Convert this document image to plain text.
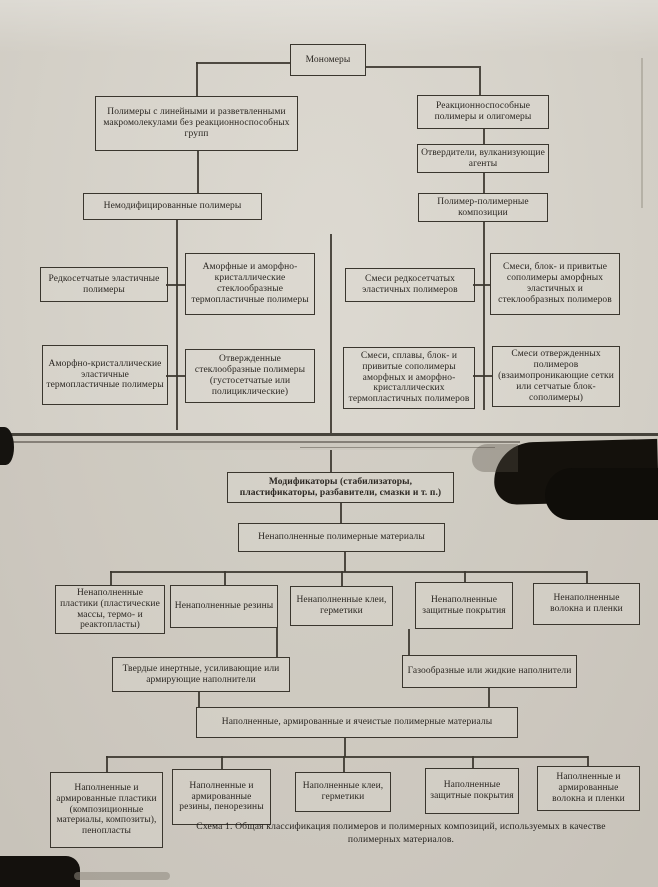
Мономеры
Полимеры с линейными и разветвленными макромолекулами без реакционноспособных групп
Реакционноспособные полимеры и олигомеры
Отвердители, вулканизующие агенты
Немодифицированные полимеры	Полимер-полимерные композиции
Редкосетчатые эластичные полимеры
Аморфные и аморфно-кристаллические стеклообразные термопластичные полимеры
Смеси редкосетчатых эластичных полимеров
Смеси, блок- и привитые сополимеры аморфных эластичных и стеклообразных полимеров
Аморфно-кристаллические эластичные термопластичные полимеры
Отвержденные стеклообразные полимеры (густосетчатые или полициклические)
Смеси, сплавы, блок- и привитые сополимеры аморфных и аморфно-кристаллических термопластичных полимеров
Смеси отвержденных полимеров (взаимопроникающие сетки или сетчатые блок-сополимеры)
Модификаторы (стабилизаторы, пластификаторы, разбавители, смазки и т. п.)
Ненаполненные полимерные материалы
Ненаполненные пластики (пластические массы, термо- и реактопласты)
Ненаполненные резины
Ненаполненные клеи, герметики
Ненаполненные защитные покрытия
Ненаполненные волокна и пленки
Твердые инертные, усиливающие или армирующие наполнители
Газообразные или жидкие наполнители
Наполненные, армированные и ячеистые полимерные материалы
Наполненные и армированные пластики (композиционные материалы, композиты), пенопласты
Наполненные и армированные резины, пенорезины
Наполненные клеи, герметики
Наполненные защитные покрытия
Наполненные и армированные волокна и пленки
Схема 1. Общая классификация полимеров и полимерных композиций, используемых в качестве
полимерных материалов.
